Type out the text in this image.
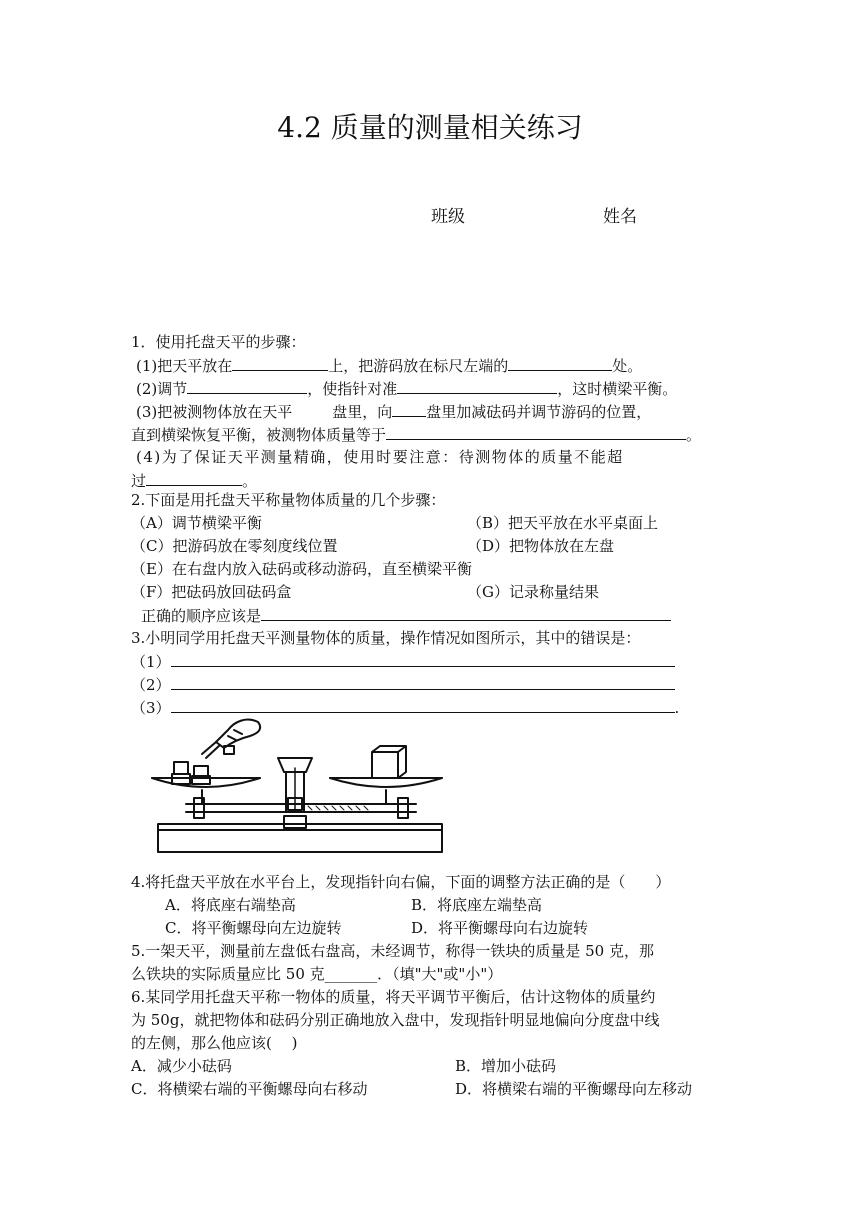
4.2 质量的测量相关练习
班级	姓名
1．使用托盘天平的步骤：
(1)把天平放在	上，把游码放在标尺左端的	处。
(2)调节	，使指针对准	，这时横梁平衡。
(3)把被测物体放在天平	盘里，向 盘里加减砝码并调节游码的位置，
直到横梁恢复平衡，被测物体质量等于	。
(4)为了保证天平测量精确，使用时要注意：待测物体的质量不能超
过	。
2.下面是用托盘天平称量物体质量的几个步骤：
（A）调节横梁平衡	（B）把天平放在水平桌面上
（C）把游码放在零刻度线位置	（D）把物体放在左盘
（E）在右盘内放入砝码或移动游码，直至横梁平衡
（F）把砝码放回砝码盒	（G）记录称量结果
正确的顺序应该是
3.小明同学用托盘天平测量物体的质量，操作情况如图所示，其中的错误是：
（1）
（2）
（3）	.
4.将托盘天平放在水平台上，发现指针向右偏，下面的调整方法正确的是（　　）
A．将底座右端垫高	B．将底座左端垫高
C．将平衡螺母向左边旋转	D．将平衡螺母向右边旋转
5.一架天平，测量前左盘低右盘高，未经调节，称得一铁块的质量是 50 克，那
么铁块的实际质量应比 50 克_______．（填"大"或"小"）
6.某同学用托盘天平称一物体的质量，将天平调节平衡后，估计这物体的质量约
为 50g，就把物体和砝码分别正确地放入盘中，发现指针明显地偏向分度盘中线
的左侧，那么他应该(　 )
A．减少小砝码	B．增加小砝码
C．将横梁右端的平衡螺母向右移动	D．将横梁右端的平衡螺母向左移动
